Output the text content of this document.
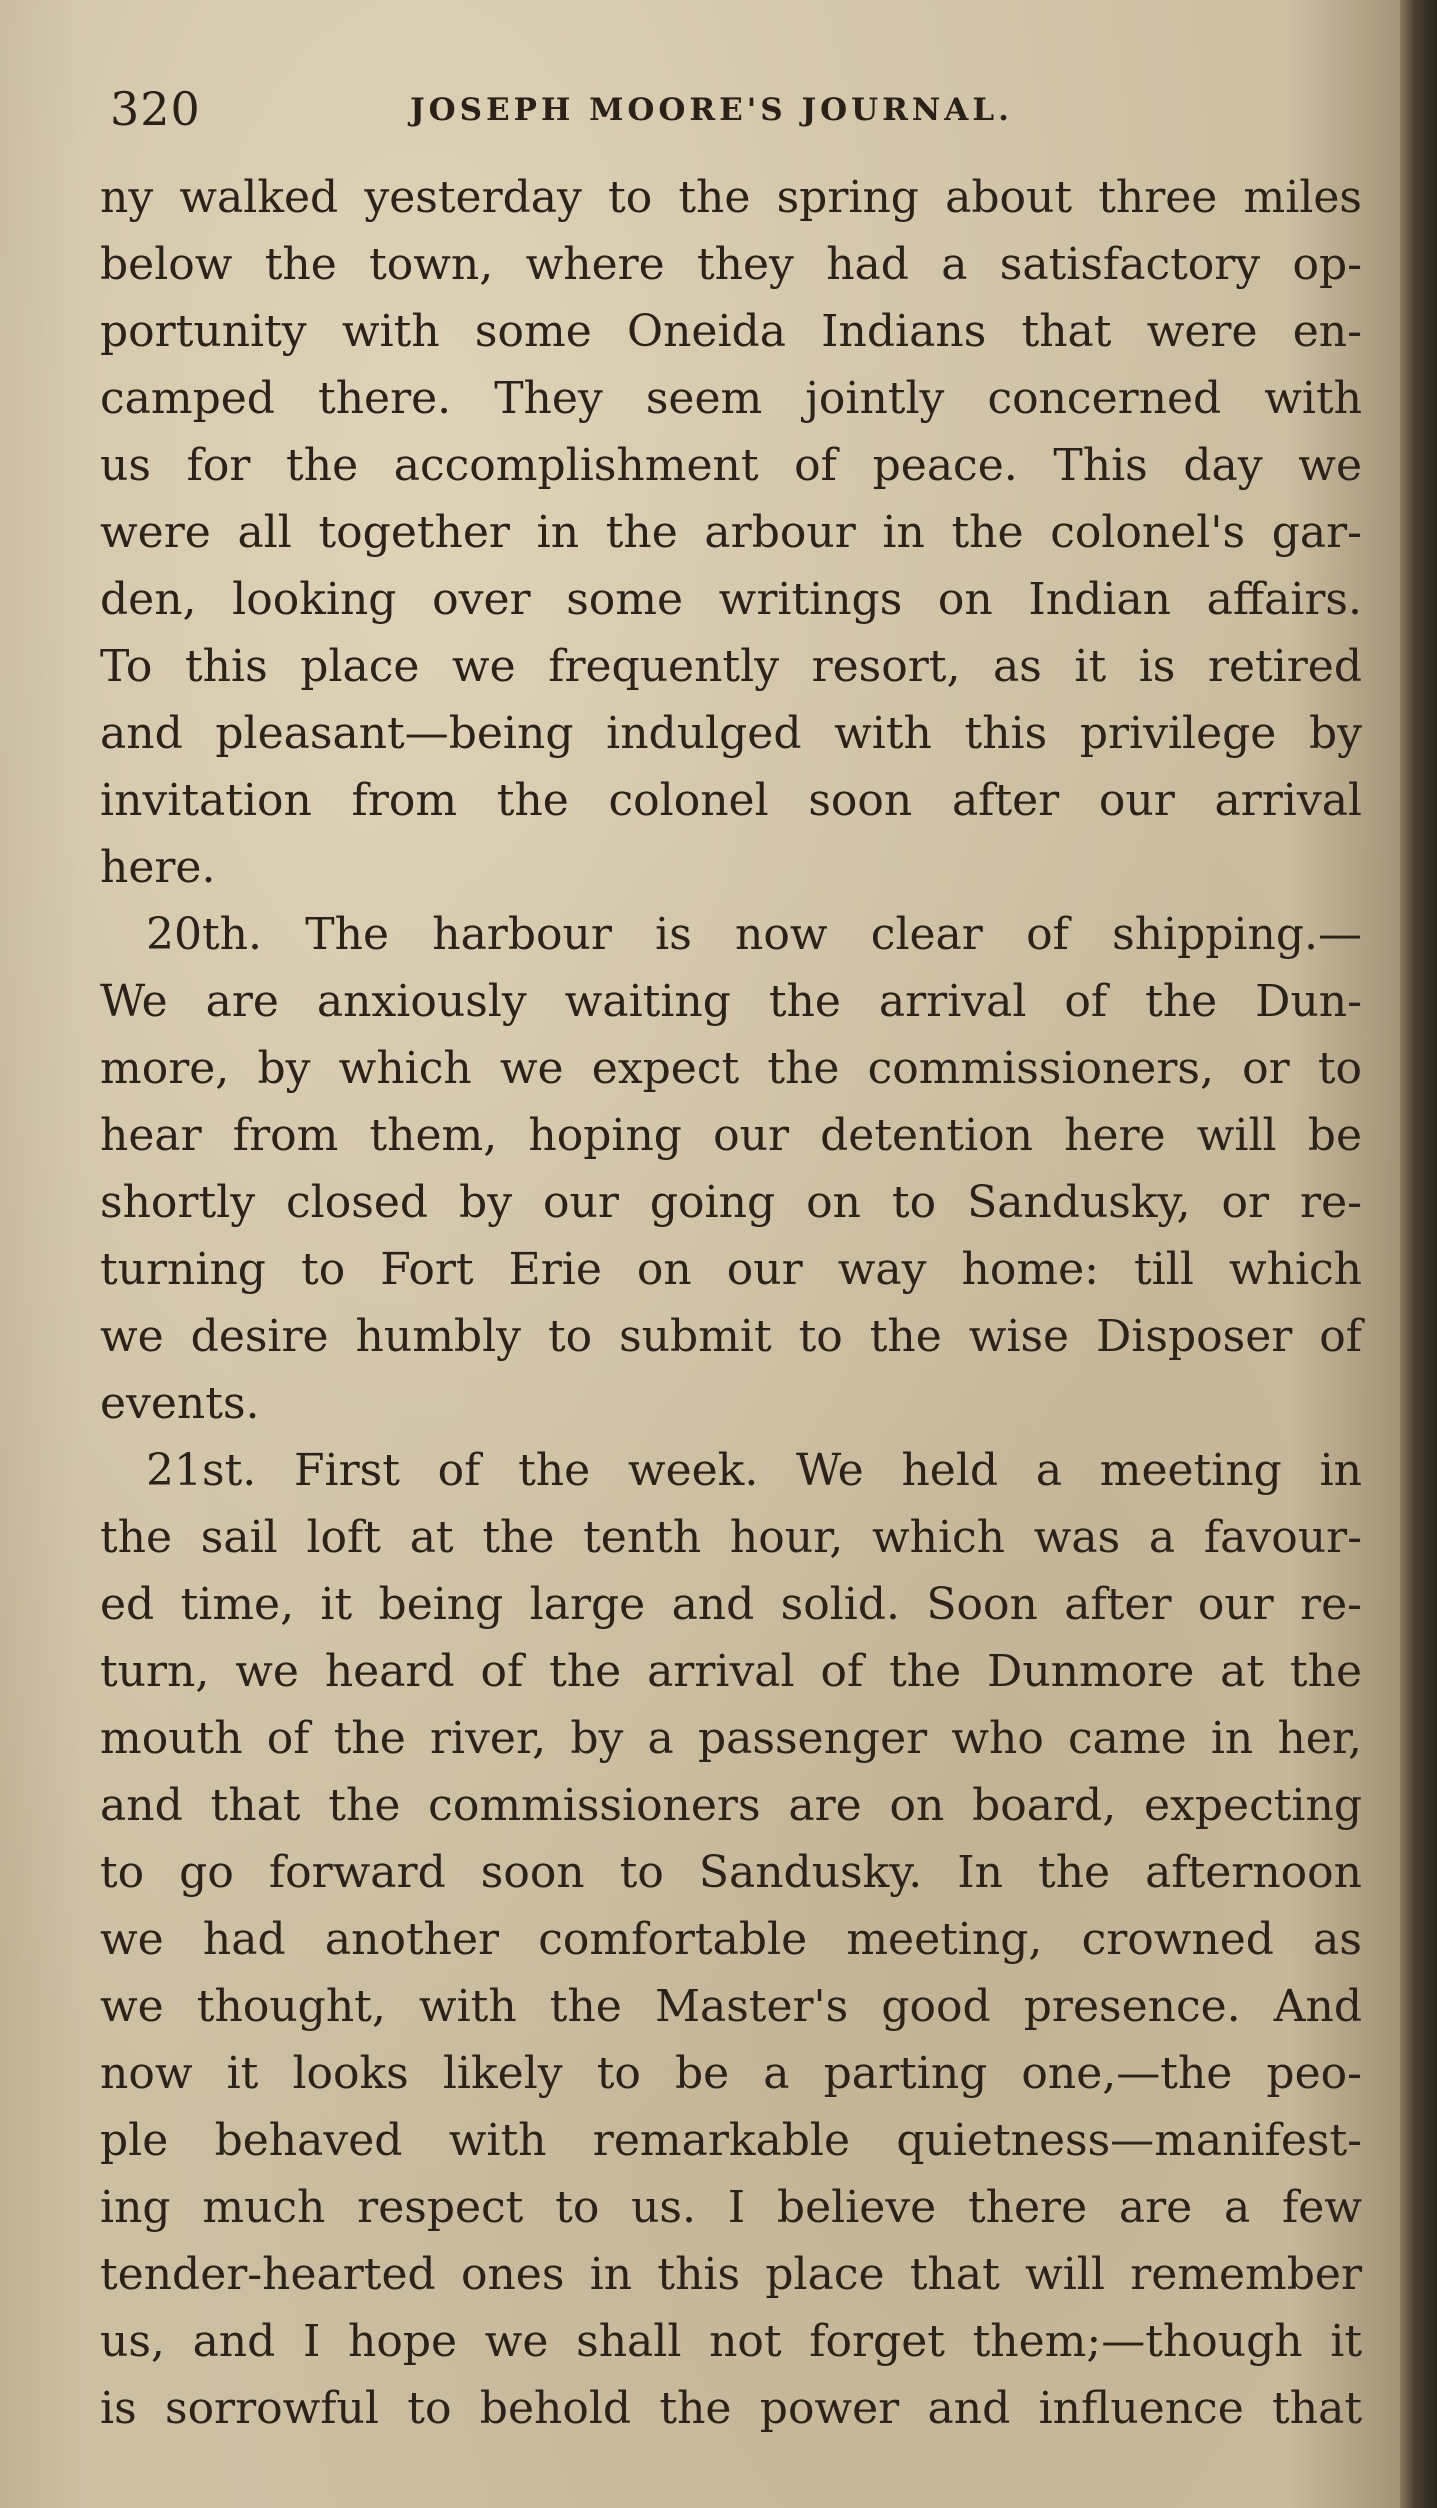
320	JOSEPH MOORE'S JOURNAL.
ny walked yesterday to the spring about three miles
below the town, where they had a satisfactory op-
portunity with some Oneida Indians that were en-
camped there. They seem jointly concerned with
us for the accomplishment of peace. This day we
were all together in the arbour in the colonel's gar-
den, looking over some writings on Indian affairs.
To this place we frequently resort, as it is retired
and pleasant—being indulged with this privilege by
invitation from the colonel soon after our arrival
here.
20th. The harbour is now clear of shipping.—
We are anxiously waiting the arrival of the Dun-
more, by which we expect the commissioners, or to
hear from them, hoping our detention here will be
shortly closed by our going on to Sandusky, or re-
turning to Fort Erie on our way home: till which
we desire humbly to submit to the wise Disposer of
events.
21st. First of the week. We held a meeting in
the sail loft at the tenth hour, which was a favour-
ed time, it being large and solid. Soon after our re-
turn, we heard of the arrival of the Dunmore at the
mouth of the river, by a passenger who came in her,
and that the commissioners are on board, expecting
to go forward soon to Sandusky. In the afternoon
we had another comfortable meeting, crowned as
we thought, with the Master's good presence. And
now it looks likely to be a parting one,—the peo-
ple behaved with remarkable quietness—manifest-
ing much respect to us. I believe there are a few
tender-hearted ones in this place that will remember
us, and I hope we shall not forget them;—though it
is sorrowful to behold the power and influence that
